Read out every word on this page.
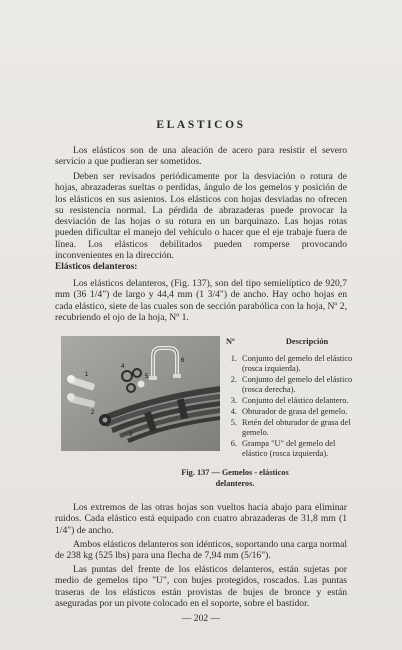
ELASTICOS

Los elásticos son de una aleación de acero para resistir el severo servicio a que pudieran ser sometidos.

Deben ser revisados periódicamente por la desviación o rotura de hojas, abrazaderas sueltas o perdidas, ángulo de los gemelos y posición de los elásticos en sus asientos. Los elásticos con hojas desviadas no ofrecen su resistencia normal. La pérdida de abrazaderas puede provocar la desviación de las hojas o su rotura en un barquinazo. Las hojas rotas pueden dificultar el manejo del vehículo o hacer que el eje trabaje fuera de línea. Los elásticos debilitados pueden romperse provocando inconvenientes en la dirección.

Elásticos delanteros:

Los elásticos delanteros, (Fig. 137), son del tipo semielíptico de 920,7 mm (36 1/4") de largo y 44,4 mm (1 3/4") de ancho. Hay ocho hojas en cada elástico, siete de las cuales son de sección parabólica con la hoja, Nº 2, recubriendo el ojo de la hoja, Nº 1.

1
2
3
4
5
6
Nº	Descripción
1. Conjunto del gemelo del elástico (rosca izquierda).
2. Conjunto del gemelo del elástico (rosca derecha).
3. Conjunto del elástico delantero.
4. Obturador de grasa del gemelo.
5. Retén del obturador de grasa del gemelo.
6. Grampa "U" del gemelo del elástico (rosca izquierda).
Fig. 137 — Gemelos - elásticos
delanteros.

Los extremos de las otras hojas son vueltos hacia abajo para eliminar ruidos. Cada elástico está equipado con cuatro abrazaderas de 31,8 mm (1 1/4") de ancho.

Ambos elásticos delanteros son idénticos, soportando una carga normal de 238 kg (525 lbs) para una flecha de 7,94 mm (5/16").

Las puntas del frente de los elásticos delanteros, están sujetas por medio de gemelos tipo "U", con bujes protegidos, roscados. Las puntas traseras de los elásticos están provistas de bujes de bronce y están aseguradas por un pivote colocado en el soporte, sobre el bastidor.

— 202 —
